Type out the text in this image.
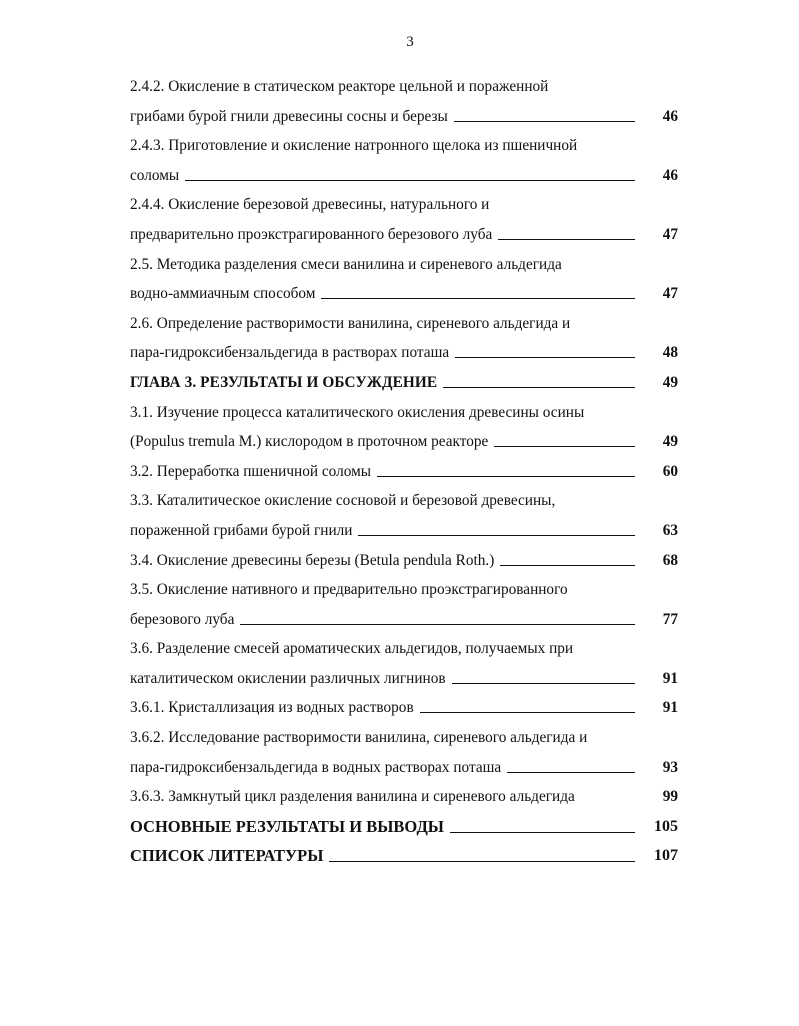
3
2.4.2. Окисление в статическом реакторе цельной и пораженной
грибами бурой гнили древесины сосны и березы	46
2.4.3. Приготовление и окисление натронного щелока из пшеничной
соломы	46
2.4.4. Окисление березовой древесины, натурального и
предварительно проэкстрагированного березового луба	47
2.5. Методика разделения смеси ванилина и сиреневого альдегида
водно-аммиачным способом	47
2.6. Определение растворимости ванилина, сиреневого альдегида и
пара-гидроксибензальдегида в растворах поташа	48
ГЛАВА 3. РЕЗУЛЬТАТЫ И ОБСУЖДЕНИЕ	49
3.1. Изучение процесса каталитического окисления древесины осины
(Populus tremula M.) кислородом в проточном реакторе	49
3.2. Переработка пшеничной соломы	60
3.3. Каталитическое окисление сосновой и березовой древесины,
пораженной грибами бурой гнили	63
3.4. Окисление древесины березы (Betula pendula Roth.)	68
3.5. Окисление нативного и предварительно проэкстрагированного
березового луба	77
3.6. Разделение смесей ароматических альдегидов, получаемых при
каталитическом окислении различных лигнинов	91
3.6.1. Кристаллизация из водных растворов	91
3.6.2. Исследование растворимости ванилина, сиреневого альдегида и
пара-гидроксибензальдегида в водных растворах поташа	93
3.6.3. Замкнутый цикл разделения ванилина и сиреневого альдегида	99
ОСНОВНЫЕ РЕЗУЛЬТАТЫ И ВЫВОДЫ	105
СПИСОК ЛИТЕРАТУРЫ	107
